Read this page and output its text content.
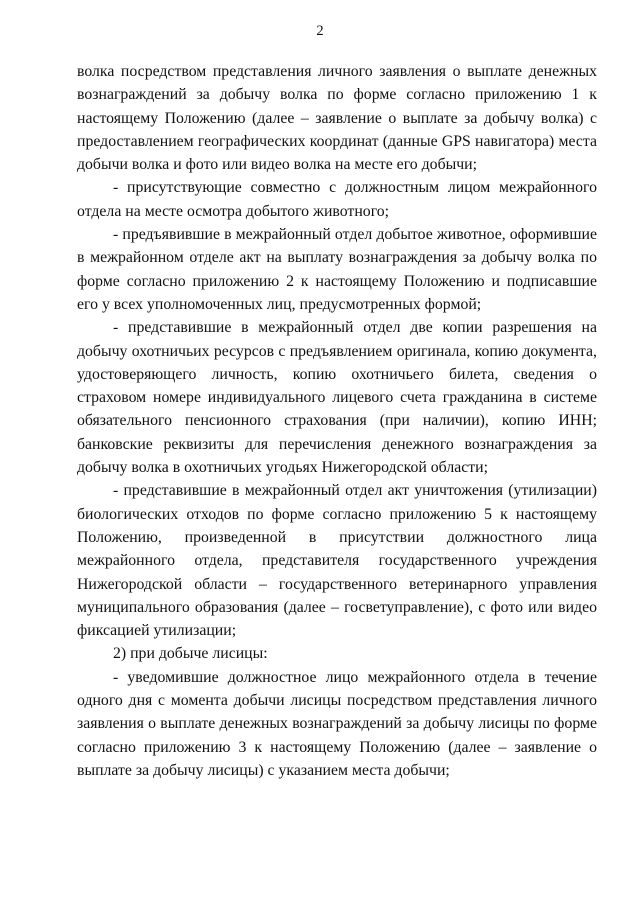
2

волка посредством представления личного заявления о выплате денежных вознаграждений за добычу волка по форме согласно приложению 1 к настоящему Положению (далее – заявление о выплате за добычу волка) с предоставлением географических координат (данные GPS навигатора) места добычи волка и фото или видео волка на месте его добычи;

- присутствующие совместно с должностным лицом межрайонного отдела на месте осмотра добытого животного;

- предъявившие в межрайонный отдел добытое животное, оформившие в межрайонном отделе акт на выплату вознаграждения за добычу волка по форме согласно приложению 2 к настоящему Положению и подписавшие его у всех уполномоченных лиц, предусмотренных формой;

- представившие в межрайонный отдел две копии разрешения на добычу охотничьих ресурсов с предъявлением оригинала, копию документа, удостоверяющего личность, копию охотничьего билета, сведения о страховом номере индивидуального лицевого счета гражданина в системе обязательного пенсионного страхования (при наличии), копию ИНН; банковские реквизиты для перечисления денежного вознаграждения за добычу волка в охотничьих угодьях Нижегородской области;

- представившие в межрайонный отдел акт уничтожения (утилизации) биологических отходов по форме согласно приложению 5 к настоящему Положению, произведенной в присутствии должностного лица межрайонного отдела, представителя государственного учреждения Нижегородской области – государственного ветеринарного управления муниципального образования (далее – госветуправление), с фото или видео фиксацией утилизации;

2) при добыче лисицы:

- уведомившие должностное лицо межрайонного отдела в течение одного дня с момента добычи лисицы посредством представления личного заявления о выплате денежных вознаграждений за добычу лисицы по форме согласно приложению 3 к настоящему Положению (далее – заявление о выплате за добычу лисицы) с указанием места добычи;
